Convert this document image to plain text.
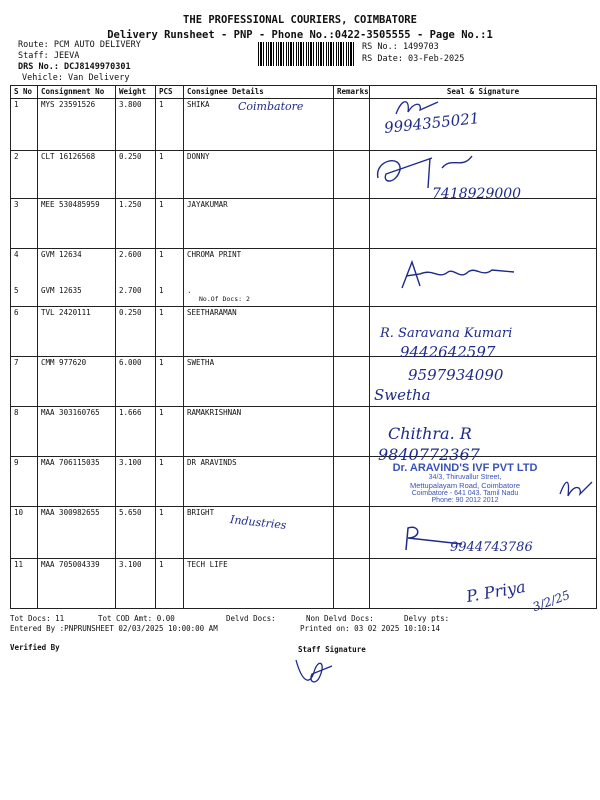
THE PROFESSIONAL COURIERS, COIMBATORE
Delivery Runsheet - PNP - Phone No.:0422-3505555 - Page No.:1
Route: PCM AUTO DELIVERY
Staff: JEEVA
DRS No.: DCJ8149970301
Vehicle: Van Delivery
RS No.: 1499703
RS Date: 03-Feb-2025
S No	Consignment No	Weight	PCS	Consignee Details	Remarks	Seal & Signature
1	MYS 23591526	3.800	1	SHIKA		
2	CLT 16126568	0.250	1	DONNY		
3	MEE 530485959	1.250	1	JAYAKUMAR		
4	GVM 12634	2.600	1	CHROMA PRINT		
5	GVM 12635	2.700	1	.
No.Of Docs: 2		

6	TVL 2420111	0.250	1	SEETHARAMAN		
7	CMM 977620	6.000	1	SWETHA		
8	MAA 303160765	1.666	1	RAMAKRISHNAN		
9	MAA 706115035	3.100	1	DR ARAVINDS		
10	MAA 300982655	5.650	1	BRIGHT		
11	MAA 705004339	3.100	1	TECH LIFE		
Coimbatore
9994355021
7418929000
R. Saravana Kumari
9442642597
9597934090
Swetha
Chithra. R
9840772367
Dr. ARAVIND'S IVF PVT LTD
34/3, Thiruvallur Street,
Mettupalayam Road, Coimbatore
Coimbatore - 641 043. Tamil Nadu
Phone: 90 2012 2012
Industries
9944743786
P. Priya 3/2/25
Tot Docs: 11	Tot COD Amt: 0.00	Delvd Docs:	Non Delvd Docs:	Delvy pts:
Entered By :PNPRUNSHEET 02/03/2025 10:00:00 AM	Printed on: 03 02 2025 10:10:14
Verified By	Staff Signature
